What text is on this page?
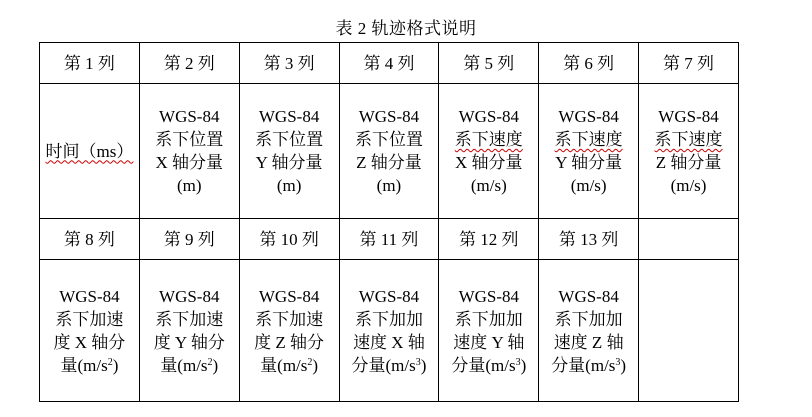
表 2 轨迹格式说明
第 1 列	第 2 列	第 3 列	第 4 列	第 5 列	第 6 列	第 7 列

时间（ms）	WGS-84
系下位置
X 轴分量
(m)	WGS-84
系下位置
Y 轴分量
(m)	WGS-84
系下位置
Z 轴分量
(m)	WGS-84
系下速度
X 轴分量
(m/s)	WGS-84
系下速度
Y 轴分量
(m/s)	WGS-84
系下速度
Z 轴分量
(m/s)

第 8 列	第 9 列	第 10 列	第 11 列	第 12 列	第 13 列	

WGS-84
系下加速
度 X 轴分
量$(m/s^2)$	WGS-84
系下加速
度 Y 轴分
量$(m/s^2)$	WGS-84
系下加速
度 Z 轴分
量$(m/s^2)$	WGS-84
系下加加
速度 X 轴
分量$(m/s^3)$	WGS-84
系下加加
速度 Y 轴
分量$(m/s^3)$	WGS-84
系下加加
速度 Z 轴
分量$(m/s^3)$	
